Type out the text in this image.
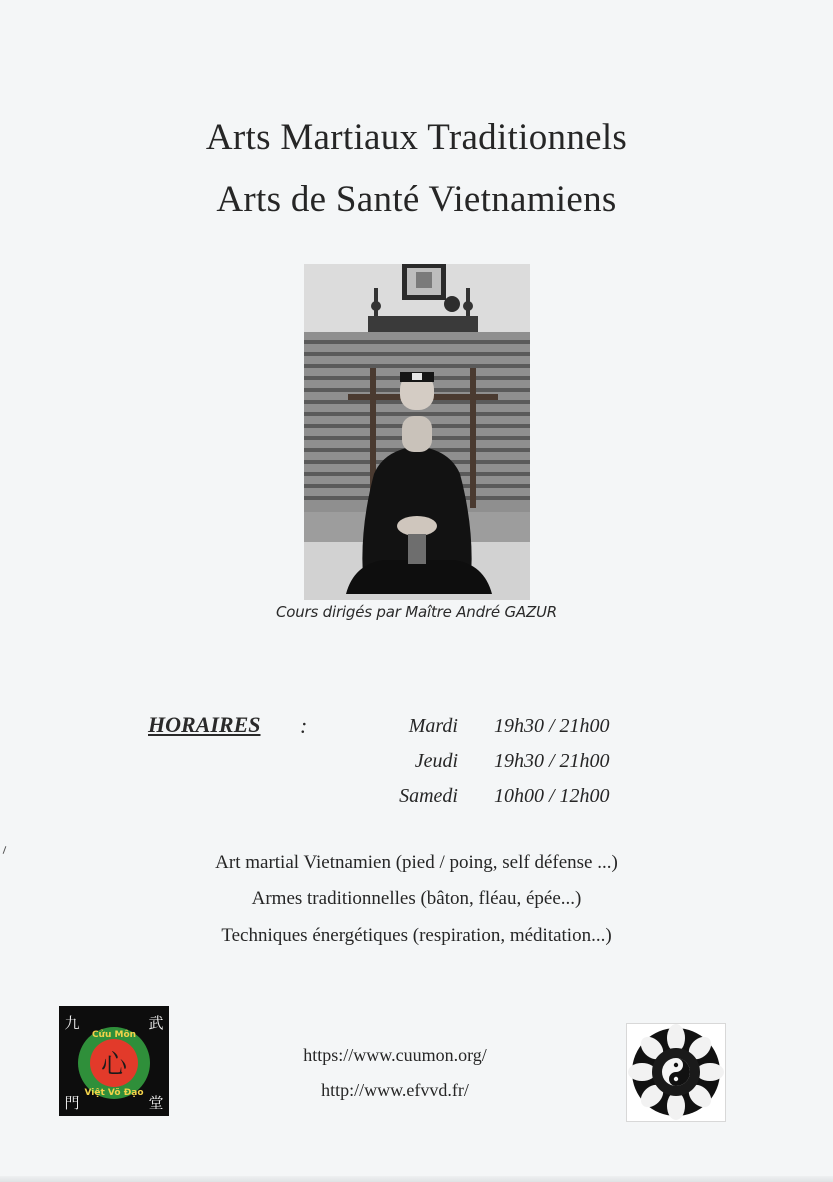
Arts Martiaux Traditionnels
Arts de Santé Vietnamiens
Cours dirigés par Maître André GAZUR
HORAIRES :	Mardi 19h30 / 21h00
Jeudi 19h30 / 21h00
Samedi 10h00 / 12h00
Art martial Vietnamien (pied / poing, self défense ...)
Armes traditionnelles (bâton, fléau, épée...)
Techniques énergétiques (respiration, méditation...)
https://www.cuumon.org/
http://www.efvvd.fr/
心
Cửu Môn
Việt Võ Đạo
九	武
門	堂
